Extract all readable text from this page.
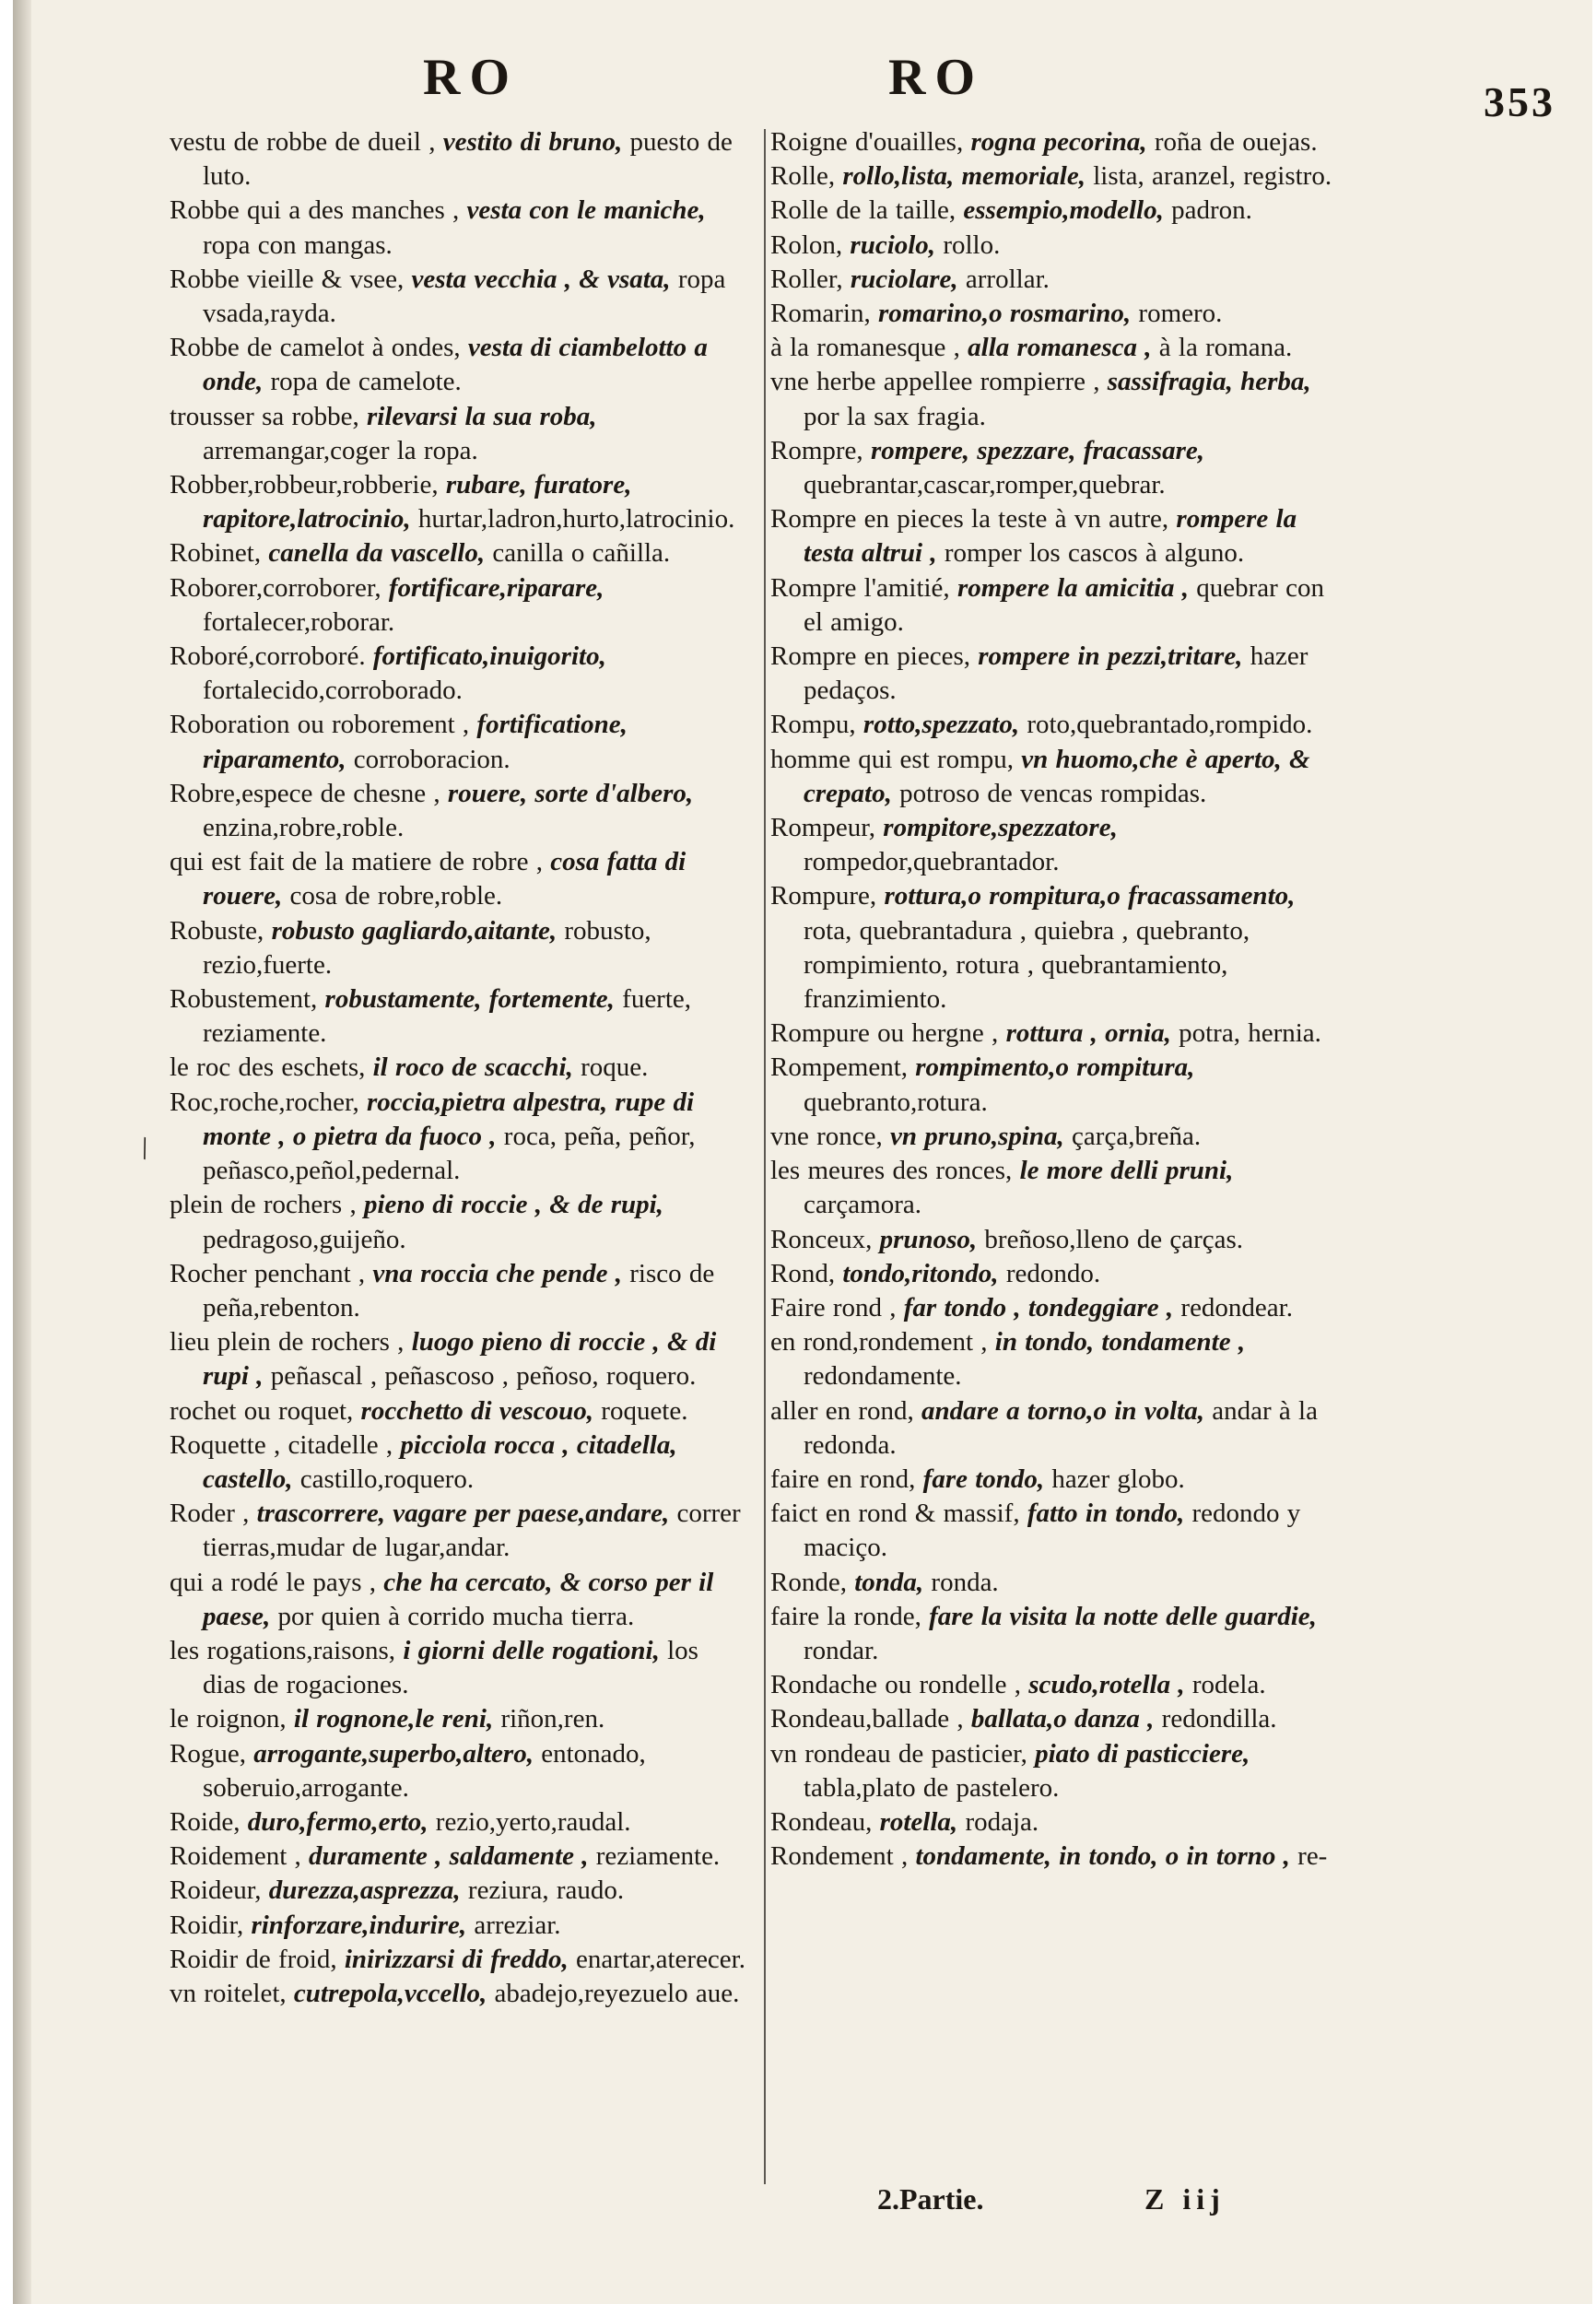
RO	RO	353
vestu de robbe de dueil , vestito di bruno, puesto de luto.
Robbe qui a des manches , vesta con le maniche, ropa con mangas.
Robbe vieille & vsee, vesta vecchia , & vsata, ropa vsada,rayda.
Robbe de camelot à ondes, vesta di ciambelotto a onde, ropa de camelote.
trousser sa robbe, rilevarsi la sua roba, arremangar,coger la ropa.
Robber,robbeur,robberie, rubare, furatore, rapitore,latrocinio, hurtar,ladron,hurto,latrocinio.
Robinet, canella da vascello, canilla o cañilla.
Roborer,corroborer, fortificare,riparare, fortalecer,roborar.
Roboré,corroboré. fortificato,inuigorito, fortalecido,corroborado.
Roboration ou roborement , fortificatione, riparamento, corroboracion.
Robre,espece de chesne , rouere, sorte d'albero, enzina,robre,roble.
qui est fait de la matiere de robre , cosa fatta di rouere, cosa de robre,roble.
Robuste, robusto gagliardo,aitante, robusto, rezio,fuerte.
Robustement, robustamente, fortemente, fuerte, reziamente.
le roc des eschets, il roco de scacchi, roque.
Roc,roche,rocher, roccia,pietra alpestra, rupe di monte , o pietra da fuoco , roca, peña, peñor, peñasco,peñol,pedernal.
plein de rochers , pieno di roccie , & de rupi, pedragoso,guijeño.
Rocher penchant , vna roccia che pende , risco de peña,rebenton.
lieu plein de rochers , luogo pieno di roccie , & di rupi , peñascal , peñascoso , peñoso, roquero.
rochet ou roquet, rocchetto di vescouo, roquete.
Roquette , citadelle , picciola rocca , citadella, castello, castillo,roquero.
Roder , trascorrere, vagare per paese,andare, correr tierras,mudar de lugar,andar.
qui a rodé le pays , che ha cercato, & corso per il paese, por quien à corrido mucha tierra.
les rogations,raisons, i giorni delle rogationi, los dias de rogaciones.
le roignon, il rognone,le reni, riñon,ren.
Rogue, arrogante,superbo,altero, entonado, soberuio,arrogante.
Roide, duro,fermo,erto, rezio,yerto,raudal.
Roidement , duramente , saldamente , reziamente.
Roideur, durezza,asprezza, reziura, raudo.
Roidir, rinforzare,indurire, arreziar.
Roidir de froid, inirizzarsi di freddo, enartar,aterecer.
vn roitelet, cutrepola,vccello, abadejo,reyezuelo aue.
Roigne d'ouailles, rogna pecorina, roña de ouejas.
Rolle, rollo,lista, memoriale, lista, aranzel, registro.
Rolle de la taille, essempio,modello, padron.
Rolon, ruciolo, rollo.
Roller, ruciolare, arrollar.
Romarin, romarino,o rosmarino, romero.
à la romanesque , alla romanesca , à la romana.
vne herbe appellee rompierre , sassifragia, herba, por la sax fragia.
Rompre, rompere, spezzare, fracassare, quebrantar,cascar,romper,quebrar.
Rompre en pieces la teste à vn autre, rompere la testa altrui , romper los cascos à alguno.
Rompre l'amitié, rompere la amicitia , quebrar con el amigo.
Rompre en pieces, rompere in pezzi,tritare, hazer pedaços.
Rompu, rotto,spezzato, roto,quebrantado,rompido.
homme qui est rompu, vn huomo,che è aperto, & crepato, potroso de vencas rompidas.
Rompeur, rompitore,spezzatore, rompedor,quebrantador.
Rompure, rottura,o rompitura,o fracassamento, rota, quebrantadura , quiebra , quebranto, rompimiento, rotura , quebrantamiento, franzimiento.
Rompure ou hergne , rottura , ornia, potra, hernia.
Rompement, rompimento,o rompitura, quebranto,rotura.
vne ronce, vn pruno,spina, çarça,breña.
les meures des ronces, le more delli pruni, carçamora.
Ronceux, prunoso, breñoso,lleno de çarças.
Rond, tondo,ritondo, redondo.
Faire rond , far tondo , tondeggiare , redondear.
en rond,rondement , in tondo, tondamente , redondamente.
aller en rond, andare a torno,o in volta, andar à la redonda.
faire en rond, fare tondo, hazer globo.
faict en rond & massif, fatto in tondo, redondo y maciço.
Ronde, tonda, ronda.
faire la ronde, fare la visita la notte delle guardie, rondar.
Rondache ou rondelle , scudo,rotella , rodela.
Rondeau,ballade , ballata,o danza , redondilla.
vn rondeau de pasticier, piato di pasticciere, tabla,plato de pastelero.
Rondeau, rotella, rodaja.
Rondement , tondamente, in tondo, o in torno , re-
\
2.Partie.	Z iij
